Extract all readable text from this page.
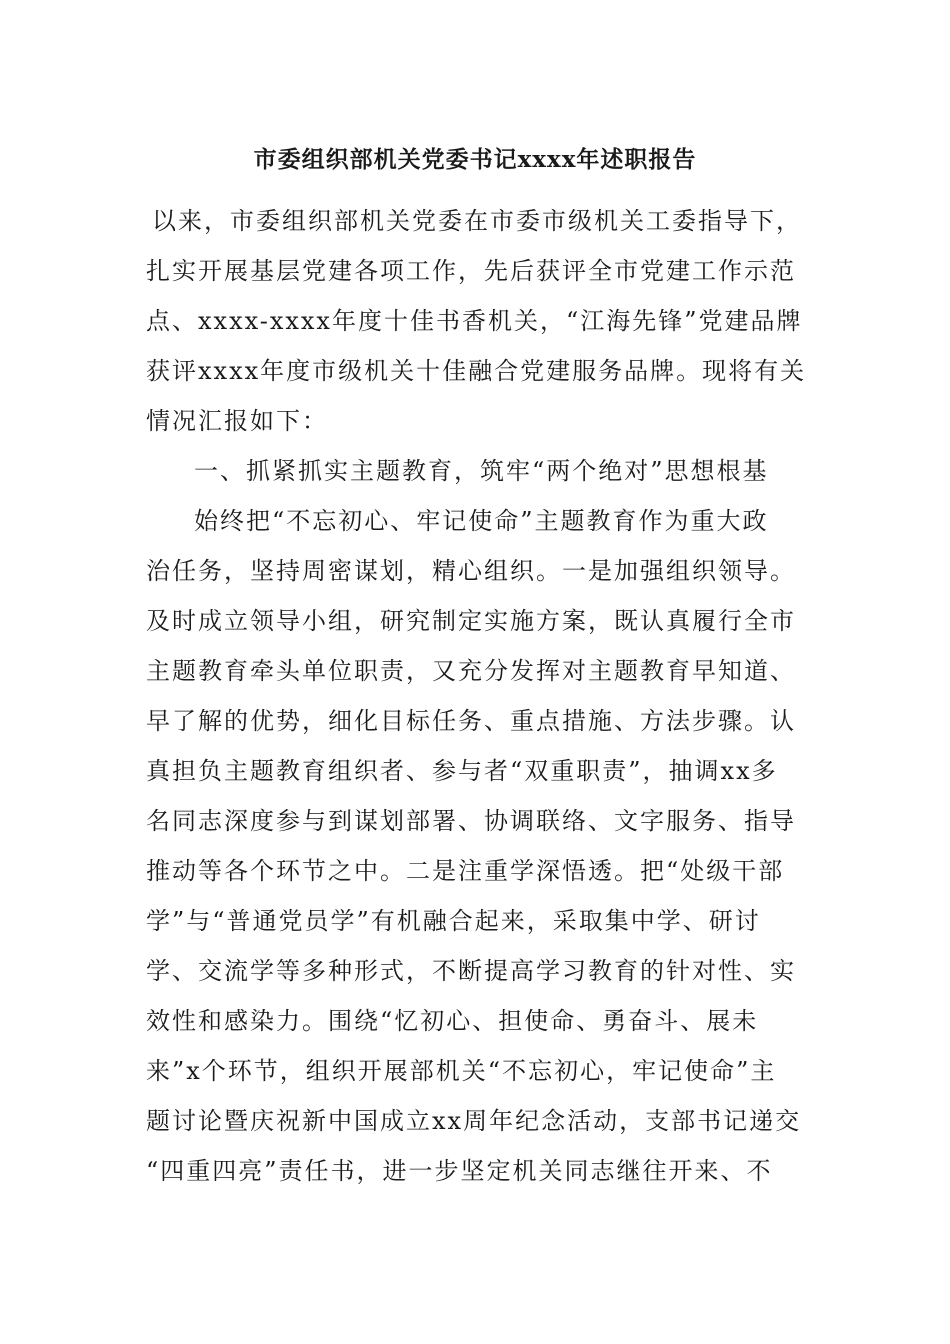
市委组织部机关党委书记xxxx年述职报告
以来，市委组织部机关党委在市委市级机关工委指导下，
扎实开展基层党建各项工作，先后获评全市党建工作示范
点、xxxx-xxxx年度十佳书香机关，“江海先锋”党建品牌
获评xxxx年度市级机关十佳融合党建服务品牌。现将有关
情况汇报如下：
一、抓紧抓实主题教育，筑牢“两个绝对”思想根基
始终把“不忘初心、牢记使命”主题教育作为重大政
治任务，坚持周密谋划，精心组织。一是加强组织领导。
及时成立领导小组，研究制定实施方案，既认真履行全市
主题教育牵头单位职责，又充分发挥对主题教育早知道、
早了解的优势，细化目标任务、重点措施、方法步骤。认
真担负主题教育组织者、参与者“双重职责”，抽调xx多
名同志深度参与到谋划部署、协调联络、文字服务、指导
推动等各个环节之中。二是注重学深悟透。把“处级干部
学”与“普通党员学”有机融合起来，采取集中学、研讨
学、交流学等多种形式，不断提高学习教育的针对性、实
效性和感染力。围绕“忆初心、担使命、勇奋斗、展未
来”x个环节，组织开展部机关“不忘初心，牢记使命”主
题讨论暨庆祝新中国成立xx周年纪念活动，支部书记递交
“四重四亮”责任书，进一步坚定机关同志继往开来、不
